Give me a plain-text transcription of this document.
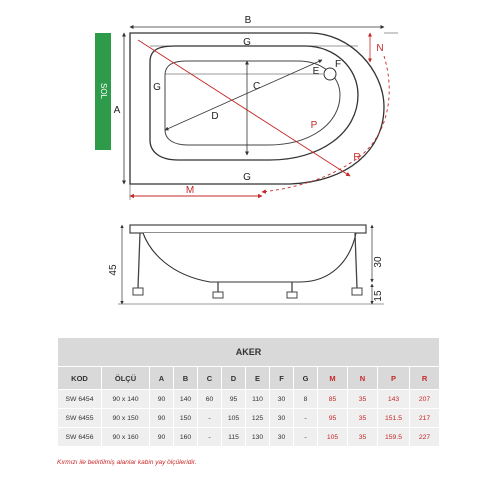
SOL
B
A
G
G
G
C
D
E
F
P
N
R
M
45
30
15
AKER												
KOD	ÖLÇÜ	A	B	C	D	E	F	G	M	N	P	R
SW 6454	90 x 140	90	140	60	95	110	30	8	85	35	143	207
SW 6455	90 x 150	90	150	-	105	125	30	-	95	35	151.5	217
SW 6456	90 x 160	90	160	-	115	130	30	-	105	35	159.5	227
Kırmızı ile belirtilmiş alanlar kabin yay ölçüleridir.
